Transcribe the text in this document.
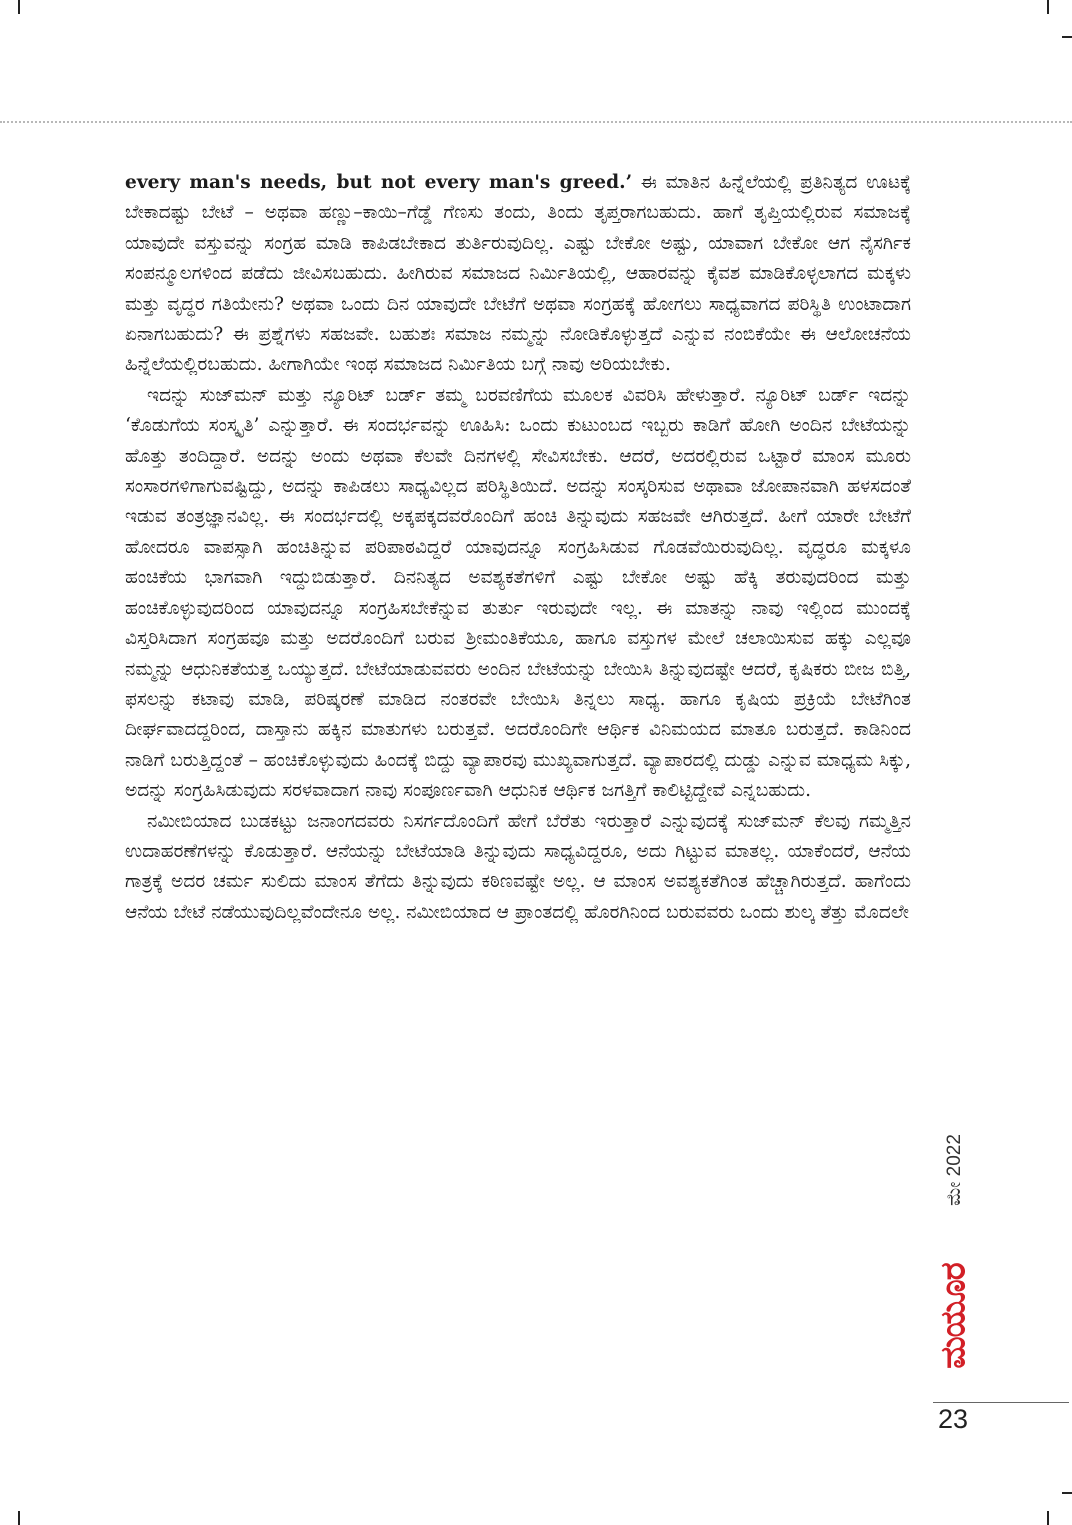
every man's needs, but not every man's greed.’ ಈ ಮಾತಿನ ಹಿನ್ನೆಲೆಯಲ್ಲಿ ಪ್ರತಿನಿತ್ಯದ ಊಟಕ್ಕೆ ಬೇಕಾದಷ್ಟು ಬೇಟೆ – ಅಥವಾ ಹಣ್ಣು–ಕಾಯಿ–ಗೆಡ್ಡೆ ಗೆಣಸು ತಂದು, ತಿಂದು ತೃಪ್ತರಾಗಬಹುದು. ಹಾಗೆ ತೃಪ್ತಿಯಲ್ಲಿರುವ ಸಮಾಜಕ್ಕೆ ಯಾವುದೇ ವಸ್ತುವನ್ನು ಸಂಗ್ರಹ ಮಾಡಿ ಕಾಪಿಡಬೇಕಾದ ತುರ್ತಿರುವುದಿಲ್ಲ. ಎಷ್ಟು ಬೇಕೋ ಅಷ್ಟು, ಯಾವಾಗ ಬೇಕೋ ಆಗ ನೈಸರ್ಗಿಕ ಸಂಪನ್ಮೂಲಗಳಿಂದ ಪಡೆದು ಜೀವಿಸಬಹುದು. ಹೀಗಿರುವ ಸಮಾಜದ ನಿರ್ಮಿತಿಯಲ್ಲಿ, ಆಹಾರವನ್ನು ಕೈವಶ ಮಾಡಿಕೊಳ್ಳಲಾಗದ ಮಕ್ಕಳು ಮತ್ತು ವೃದ್ಧರ ಗತಿಯೇನು? ಅಥವಾ ಒಂದು ದಿನ ಯಾವುದೇ ಬೇಟೆಗೆ ಅಥವಾ ಸಂಗ್ರಹಕ್ಕೆ ಹೋಗಲು ಸಾಧ್ಯವಾಗದ ಪರಿಸ್ಥಿತಿ ಉಂಟಾದಾಗ ಏನಾಗಬಹುದು? ಈ ಪ್ರಶ್ನೆಗಳು ಸಹಜವೇ. ಬಹುಶಃ ಸಮಾಜ ನಮ್ಮನ್ನು ನೋಡಿಕೊಳ್ಳುತ್ತದೆ ಎನ್ನುವ ನಂಬಿಕೆಯೇ ಈ ಆಲೋಚನೆಯ ಹಿನ್ನೆಲೆಯಲ್ಲಿರಬಹುದು. ಹೀಗಾಗಿಯೇ ಇಂಥ ಸಮಾಜದ ನಿರ್ಮಿತಿಯ ಬಗ್ಗೆ ನಾವು ಅರಿಯಬೇಕು.

ಇದನ್ನು ಸುಜ್‌ಮನ್ ಮತ್ತು ನ್ಯೂರಿಟ್ ಬರ್ಡ್ ತಮ್ಮ ಬರವಣಿಗೆಯ ಮೂಲಕ ವಿವರಿಸಿ ಹೇಳುತ್ತಾರೆ. ನ್ಯೂರಿಟ್ ಬರ್ಡ್ ಇದನ್ನು ‘ಕೊಡುಗೆಯ ಸಂಸ್ಕೃತಿ’ ಎನ್ನುತ್ತಾರೆ. ಈ ಸಂದರ್ಭವನ್ನು ಊಹಿಸಿ: ಒಂದು ಕುಟುಂಬದ ಇಬ್ಬರು ಕಾಡಿಗೆ ಹೋಗಿ ಅಂದಿನ ಬೇಟೆಯನ್ನು ಹೊತ್ತು ತಂದಿದ್ದಾರೆ. ಅದನ್ನು ಅಂದು ಅಥವಾ ಕೆಲವೇ ದಿನಗಳಲ್ಲಿ ಸೇವಿಸಬೇಕು. ಆದರೆ, ಅದರಲ್ಲಿರುವ ಒಟ್ಟಾರೆ ಮಾಂಸ ಮೂರು ಸಂಸಾರಗಳಿಗಾಗುವಷ್ಟಿದ್ದು, ಅದನ್ನು ಕಾಪಿಡಲು ಸಾಧ್ಯವಿಲ್ಲದ ಪರಿಸ್ಥಿತಿಯಿದೆ. ಅದನ್ನು ಸಂಸ್ಕರಿಸುವ ಅಥಾವಾ ಜೋಪಾನವಾಗಿ ಹಳಸದಂತೆ ಇಡುವ ತಂತ್ರಜ್ಞಾನವಿಲ್ಲ. ಈ ಸಂದರ್ಭದಲ್ಲಿ ಅಕ್ಕಪಕ್ಕದವರೊಂದಿಗೆ ಹಂಚಿ ತಿನ್ನುವುದು ಸಹಜವೇ ಆಗಿರುತ್ತದೆ. ಹೀಗೆ ಯಾರೇ ಬೇಟೆಗೆ ಹೋದರೂ ವಾಪಸ್ಸಾಗಿ ಹಂಚಿತಿನ್ನುವ ಪರಿಪಾಠವಿದ್ದರೆ ಯಾವುದನ್ನೂ ಸಂಗ್ರಹಿಸಿಡುವ ಗೊಡವೆಯಿರುವುದಿಲ್ಲ. ವೃದ್ಧರೂ ಮಕ್ಕಳೂ ಹಂಚಿಕೆಯ ಭಾಗವಾಗಿ ಇದ್ದುಬಿಡುತ್ತಾರೆ. ದಿನನಿತ್ಯದ ಅವಶ್ಯಕತೆಗಳಿಗೆ ಎಷ್ಟು ಬೇಕೋ ಅಷ್ಟು ಹೆಕ್ಕಿ ತರುವುದರಿಂದ ಮತ್ತು ಹಂಚಿಕೊಳ್ಳುವುದರಿಂದ ಯಾವುದನ್ನೂ ಸಂಗ್ರಹಿಸಬೇಕೆನ್ನುವ ತುರ್ತು ಇರುವುದೇ ಇಲ್ಲ. ಈ ಮಾತನ್ನು ನಾವು ಇಲ್ಲಿಂದ ಮುಂದಕ್ಕೆ ವಿಸ್ತರಿಸಿದಾಗ ಸಂಗ್ರಹವೂ ಮತ್ತು ಅದರೊಂದಿಗೆ ಬರುವ ಶ್ರೀಮಂತಿಕೆಯೂ, ಹಾಗೂ ವಸ್ತುಗಳ ಮೇಲೆ ಚಲಾಯಿಸುವ ಹಕ್ಕು ಎಲ್ಲವೂ ನಮ್ಮನ್ನು ಆಧುನಿಕತೆಯತ್ತ ಒಯ್ಯುತ್ತದೆ. ಬೇಟೆಯಾಡುವವರು ಅಂದಿನ ಬೇಟೆಯನ್ನು ಬೇಯಿಸಿ ತಿನ್ನುವುದಷ್ಟೇ ಆದರೆ, ಕೃಷಿಕರು ಬೀಜ ಬಿತ್ತಿ, ಫಸಲನ್ನು ಕಟಾವು ಮಾಡಿ, ಪರಿಷ್ಕರಣೆ ಮಾಡಿದ ನಂತರವೇ ಬೇಯಿಸಿ ತಿನ್ನಲು ಸಾಧ್ಯ. ಹಾಗೂ ಕೃಷಿಯ ಪ್ರಕ್ರಿಯೆ ಬೇಟೆಗಿಂತ ದೀರ್ಘವಾದದ್ದರಿಂದ, ದಾಸ್ತಾನು ಹಕ್ಕಿನ ಮಾತುಗಳು ಬರುತ್ತವೆ. ಅದರೊಂದಿಗೇ ಆರ್ಥಿಕ ವಿನಿಮಯದ ಮಾತೂ ಬರುತ್ತದೆ. ಕಾಡಿನಿಂದ ನಾಡಿಗೆ ಬರುತ್ತಿದ್ದಂತೆ – ಹಂಚಿಕೊಳ್ಳುವುದು ಹಿಂದಕ್ಕೆ ಬಿದ್ದು ವ್ಯಾಪಾರವು ಮುಖ್ಯವಾಗುತ್ತದೆ. ವ್ಯಾಪಾರದಲ್ಲಿ ದುಡ್ಡು ಎನ್ನುವ ಮಾಧ್ಯಮ ಸಿಕ್ಕು, ಅದನ್ನು ಸಂಗ್ರಹಿಸಿಡುವುದು ಸರಳವಾದಾಗ ನಾವು ಸಂಪೂರ್ಣವಾಗಿ ಆಧುನಿಕ ಆರ್ಥಿಕ ಜಗತ್ತಿಗೆ ಕಾಲಿಟ್ಟಿದ್ದೇವೆ ಎನ್ನಬಹುದು.

ನಮೀಬಿಯಾದ ಬುಡಕಟ್ಟು ಜನಾಂಗದವರು ನಿಸರ್ಗದೊಂದಿಗೆ ಹೇಗೆ ಬೆರೆತು ಇರುತ್ತಾರೆ ಎನ್ನುವುದಕ್ಕೆ ಸುಜ್‌ಮನ್ ಕೆಲವು ಗಮ್ಮತ್ತಿನ ಉದಾಹರಣೆಗಳನ್ನು ಕೊಡುತ್ತಾರೆ. ಆನೆಯನ್ನು ಬೇಟೆಯಾಡಿ ತಿನ್ನುವುದು ಸಾಧ್ಯವಿದ್ದರೂ, ಅದು ಗಿಟ್ಟುವ ಮಾತಲ್ಲ. ಯಾಕೆಂದರೆ, ಆನೆಯ ಗಾತ್ರಕ್ಕೆ ಅದರ ಚರ್ಮ ಸುಲಿದು ಮಾಂಸ ತೆಗೆದು ತಿನ್ನುವುದು ಕಠಿಣವಷ್ಟೇ ಅಲ್ಲ. ಆ ಮಾಂಸ ಅವಶ್ಯಕತೆಗಿಂತ ಹೆಚ್ಚಾಗಿರುತ್ತದೆ. ಹಾಗೆಂದು ಆನೆಯ ಬೇಟೆ ನಡೆಯುವುದಿಲ್ಲವೆಂದೇನೂ ಅಲ್ಲ. ನಮೀಬಿಯಾದ ಆ ಪ್ರಾಂತದಲ್ಲಿ ಹೊರಗಿನಿಂದ ಬರುವವರು ಒಂದು ಶುಲ್ಕ ತೆತ್ತು ಮೊದಲೇ

ಮೇ 2022
ಮಯೂರ
23
